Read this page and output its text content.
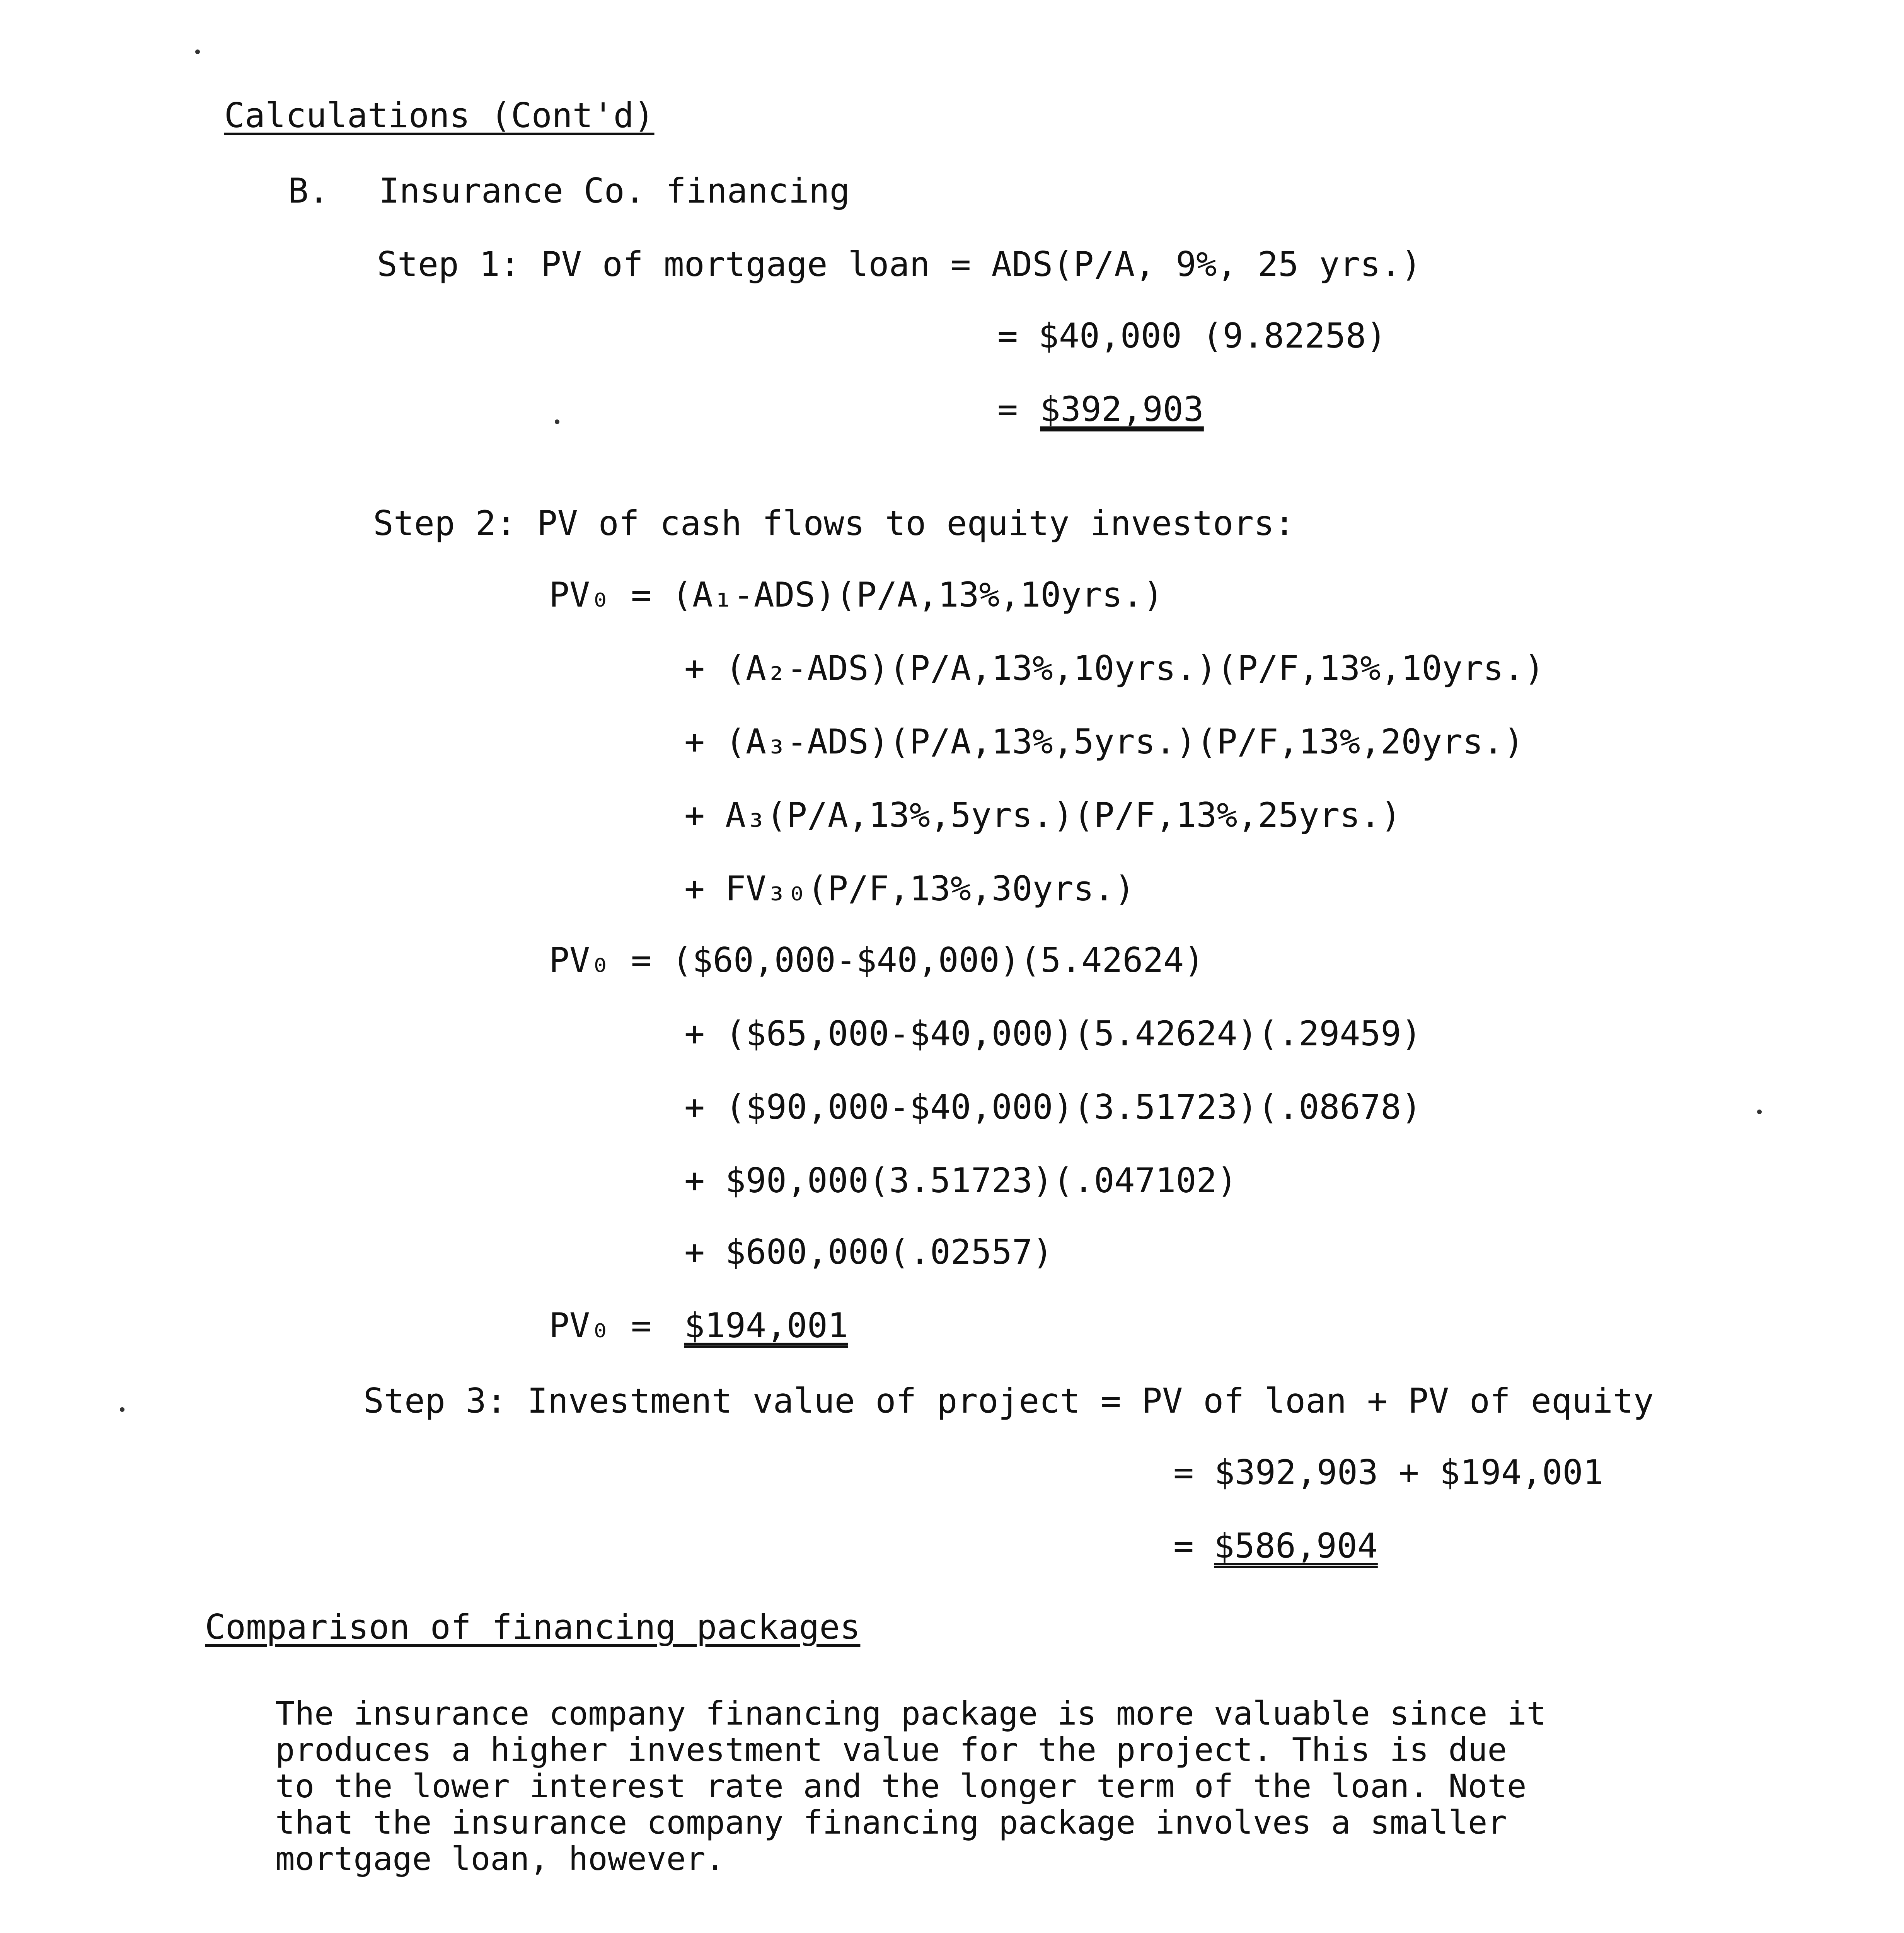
Calculations (Cont'd)
B. Insurance Co. financing
Step 1: PV of mortgage loan = ADS(P/A, 9%, 25 yrs.)
= $40,000 (9.82258)
= $392,903
Step 2: PV of cash flows to equity investors:
PV₀ = (A₁-ADS)(P/A,13%,10yrs.)
+ (A₂-ADS)(P/A,13%,10yrs.)(P/F,13%,10yrs.)
+ (A₃-ADS)(P/A,13%,5yrs.)(P/F,13%,20yrs.)
+ A₃(P/A,13%,5yrs.)(P/F,13%,25yrs.)
+ FV₃₀(P/F,13%,30yrs.)
PV₀ = ($60,000-$40,000)(5.42624)
+ ($65,000-$40,000)(5.42624)(.29459)
+ ($90,000-$40,000)(3.51723)(.08678)
+ $90,000(3.51723)(.047102)
+ $600,000(.02557)
PV₀ = $194,001
Step 3: Investment value of project = PV of loan + PV of equity
= $392,903 + $194,001
= $586,904
Comparison of financing packages
The insurance company financing package is more valuable since it
produces a higher investment value for the project. This is due
to the lower interest rate and the longer term of the loan. Note
that the insurance company financing package involves a smaller
mortgage loan, however.
